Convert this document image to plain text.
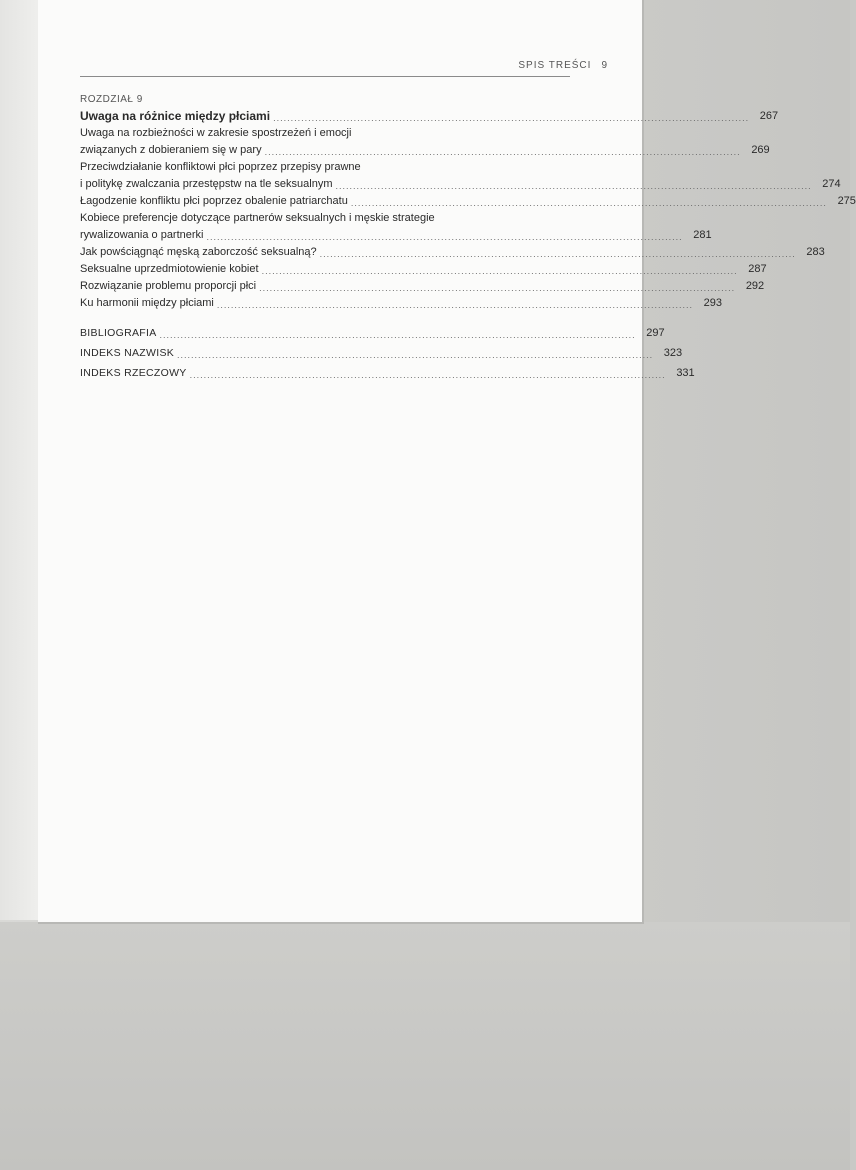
SPIS TREŚCI 9
ROZDZIAŁ 9
Uwaga na różnice między płciami ........................................................................................................................................ 267
Uwaga na rozbieżności w zakresie spostrzeżeń i emocji
związanych z dobieraniem się w pary ........................................................................................................................................ 269
Przeciwdziałanie konfliktowi płci poprzez przepisy prawne
i politykę zwalczania przestępstw na tle seksualnym ........................................................................................................................................ 274
Łagodzenie konfliktu płci poprzez obalenie patriarchatu ........................................................................................................................................ 275
Kobiece preferencje dotyczące partnerów seksualnych i męskie strategie
rywalizowania o partnerki ........................................................................................................................................ 281
Jak powściągnąć męską zaborczość seksualną? ........................................................................................................................................ 283
Seksualne uprzedmiotowienie kobiet ........................................................................................................................................ 287
Rozwiązanie problemu proporcji płci ........................................................................................................................................ 292
Ku harmonii między płciami ........................................................................................................................................ 293
BIBLIOGRAFIA ........................................................................................................................................ 297
INDEKS NAZWISK ........................................................................................................................................ 323
INDEKS RZECZOWY ........................................................................................................................................ 331
